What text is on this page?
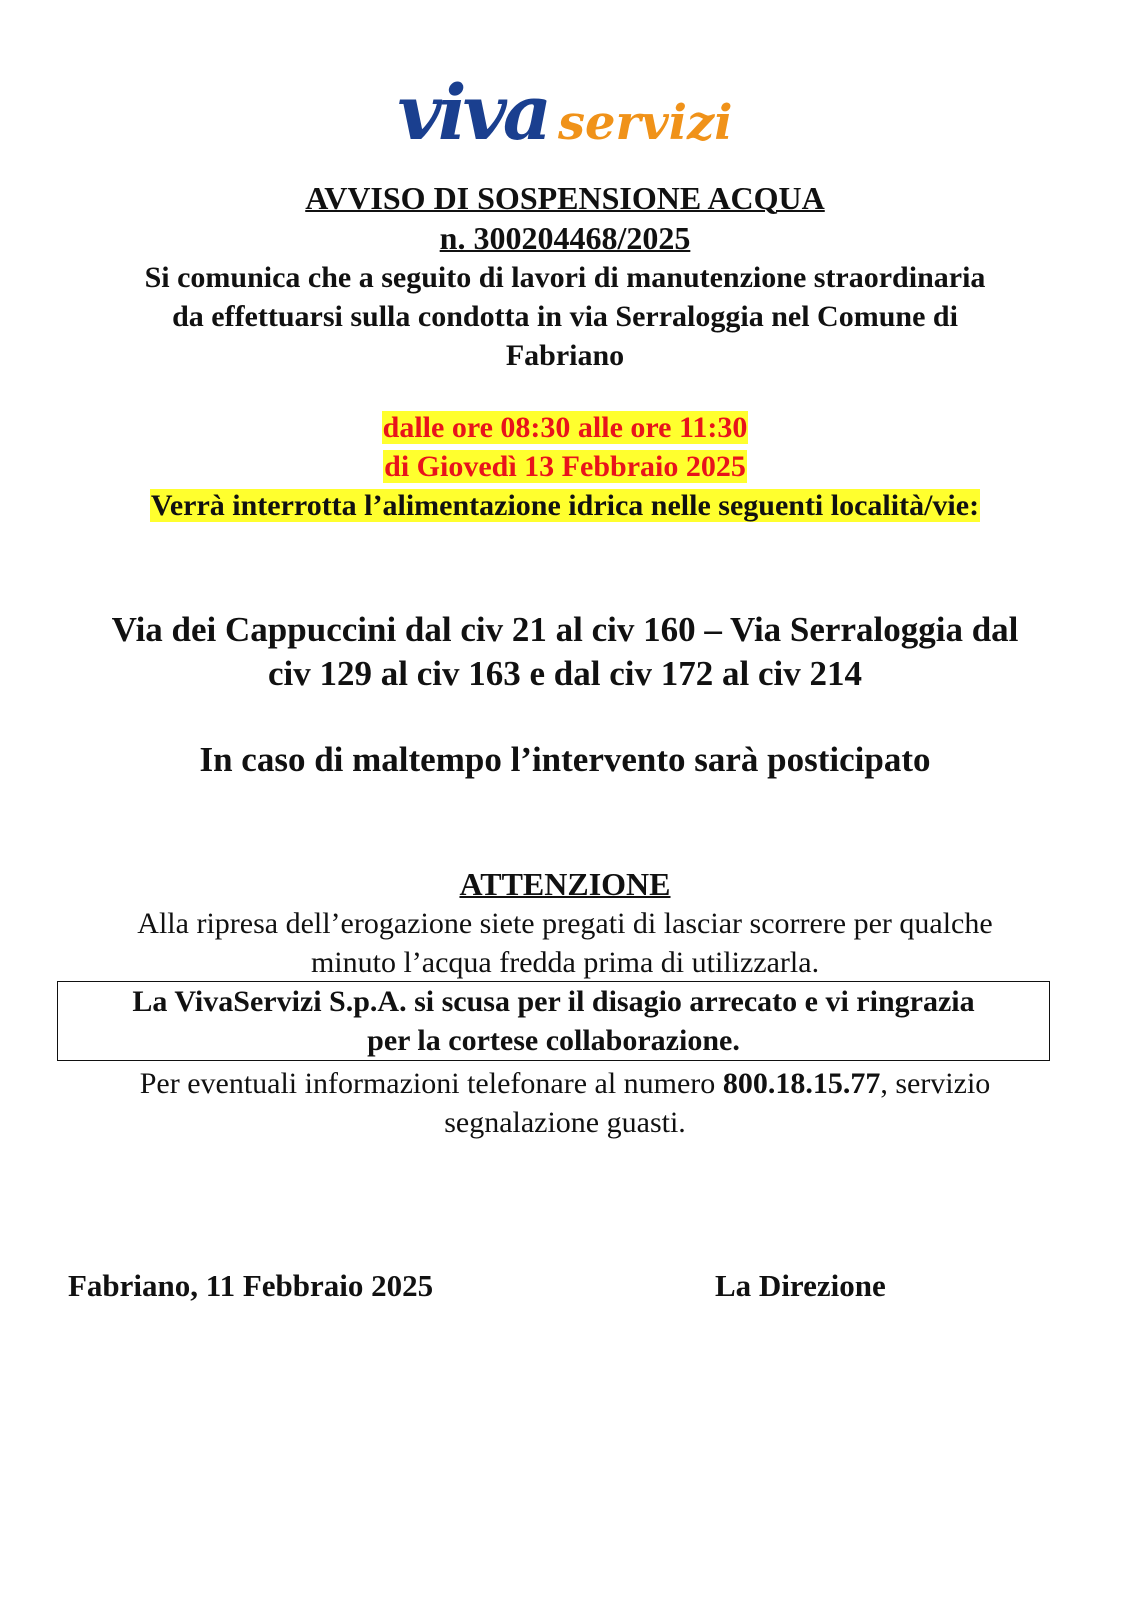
viva servizi
AVVISO DI SOSPENSIONE ACQUA
n. 300204468/2025
Si comunica che a seguito di lavori di manutenzione straordinaria
da effettuarsi sulla condotta in via Serraloggia nel Comune di
Fabriano
dalle ore 08:30 alle ore 11:30
di Giovedì 13 Febbraio 2025
Verrà interrotta l’alimentazione idrica nelle seguenti località/vie:
Via dei Cappuccini dal civ 21 al civ 160 – Via Serraloggia dal
civ 129 al civ 163 e dal civ 172 al civ 214
In caso di maltempo l’intervento sarà posticipato
ATTENZIONE
Alla ripresa dell’erogazione siete pregati di lasciar scorrere per qualche
minuto l’acqua fredda prima di utilizzarla.
La VivaServizi S.p.A. si scusa per il disagio arrecato e vi ringrazia
per la cortese collaborazione.
Per eventuali informazioni telefonare al numero 800.18.15.77, servizio
segnalazione guasti.
Fabriano, 11 Febbraio 2025	La Direzione
